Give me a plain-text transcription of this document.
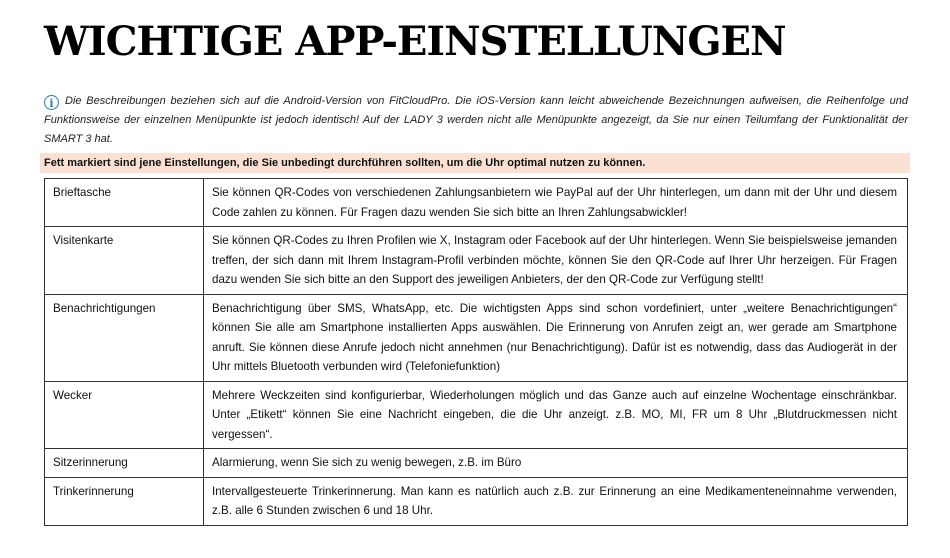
WICHTIGE APP-EINSTELLUNGEN
i Die Beschreibungen beziehen sich auf die Android-Version von FitCloudPro. Die iOS-Version kann leicht abweichende Bezeichnungen aufweisen, die Reihenfolge und Funktionsweise der einzelnen Menüpunkte ist jedoch identisch! Auf der LADY 3 werden nicht alle Menüpunkte angezeigt, da Sie nur einen Teilumfang der Funktionalität der SMART 3 hat.
Fett markiert sind jene Einstellungen, die Sie unbedingt durchführen sollten, um die Uhr optimal nutzen zu können.
Brieftasche	Sie können QR-Codes von verschiedenen Zahlungsanbietern wie PayPal auf der Uhr hinterlegen, um dann mit der Uhr und diesem Code zahlen zu können. Für Fragen dazu wenden Sie sich bitte an Ihren Zahlungsabwickler!
Visitenkarte	Sie können QR-Codes zu Ihren Profilen wie X, Instagram oder Facebook auf der Uhr hinterlegen. Wenn Sie beispielsweise jemanden treffen, der sich dann mit Ihrem Instagram-Profil verbinden möchte, können Sie den QR-Code auf Ihrer Uhr herzeigen. Für Fragen dazu wenden Sie sich bitte an den Support des jeweiligen Anbieters, der den QR-Code zur Verfügung stellt!
Benachrichtigungen	Benachrichtigung über SMS, WhatsApp, etc. Die wichtigsten Apps sind schon vordefiniert, unter „weitere Benachrichtigungen“ können Sie alle am Smartphone installierten Apps auswählen. Die Erinnerung von Anrufen zeigt an, wer gerade am Smartphone anruft. Sie können diese Anrufe jedoch nicht annehmen (nur Benachrichtigung). Dafür ist es notwendig, dass das Audiogerät in der Uhr mittels Bluetooth verbunden wird (Telefoniefunktion)
Wecker	Mehrere Weckzeiten sind konfigurierbar, Wiederholungen möglich und das Ganze auch auf einzelne Wochentage einschränkbar. Unter „Etikett“ können Sie eine Nachricht eingeben, die die Uhr anzeigt. z.B. MO, MI, FR um 8 Uhr „Blutdruckmessen nicht vergessen“.
Sitzerinnerung	Alarmierung, wenn Sie sich zu wenig bewegen, z.B. im Büro
Trinkerinnerung	Intervallgesteuerte Trinkerinnerung. Man kann es natürlich auch z.B. zur Erinnerung an eine Medikamenteneinnahme verwenden, z.B. alle 6 Stunden zwischen 6 und 18 Uhr.
